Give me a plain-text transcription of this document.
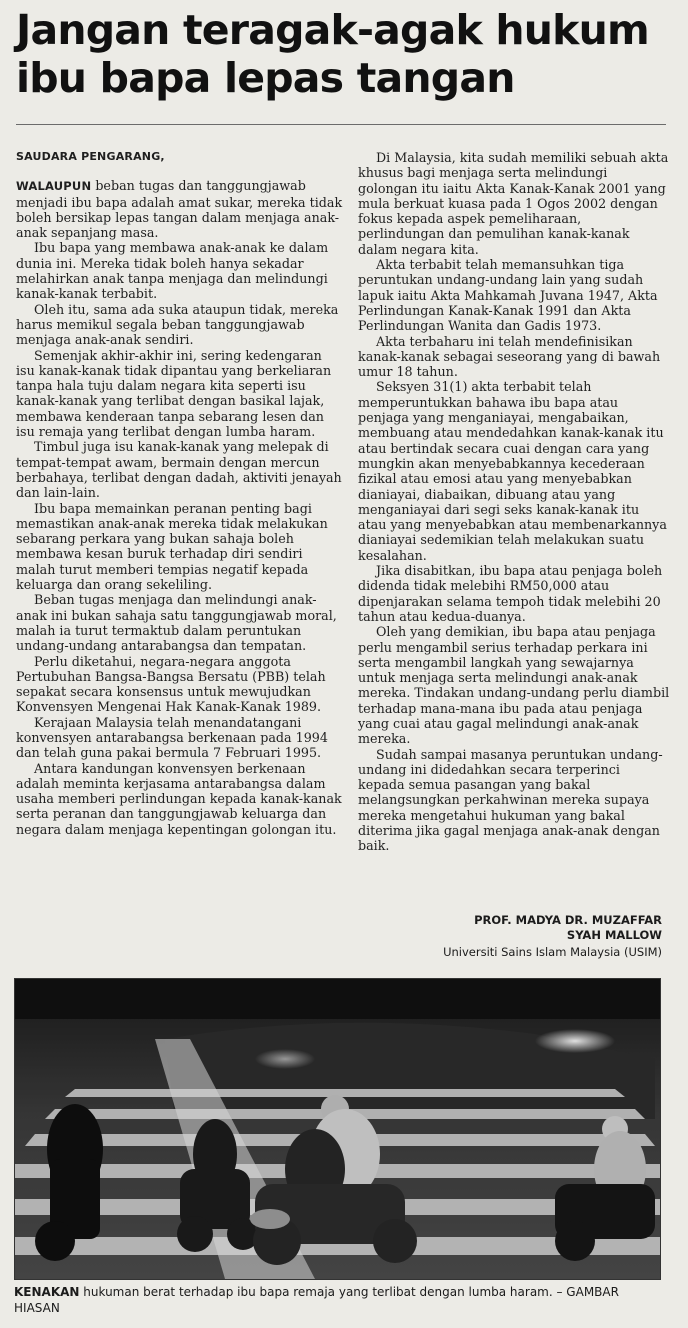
Jangan teragak-agak hukum
ibu bapa lepas tangan

SAUDARA PENGARANG,

WALAUPUN beban tugas dan tanggungjawab menjadi ibu bapa adalah amat sukar, mereka tidak boleh bersikap lepas tangan dalam menjaga anak-anak sepanjang masa.

Ibu bapa yang membawa anak-anak ke dalam dunia ini. Mereka tidak boleh hanya sekadar melahirkan anak tanpa menjaga dan melindungi kanak-kanak terbabit.

Oleh itu, sama ada suka ataupun tidak, mereka harus memikul segala beban tanggungjawab menjaga anak-anak sendiri.

Semenjak akhir-akhir ini, sering kedengaran isu kanak-kanak tidak dipantau yang berkeliaran tanpa hala tuju dalam negara kita seperti isu kanak-kanak yang terlibat dengan basikal lajak, membawa kenderaan tanpa sebarang lesen dan isu remaja yang terlibat dengan lumba haram.

Timbul juga isu kanak-kanak yang melepak di tempat-tempat awam, bermain dengan mercun berbahaya, terlibat dengan dadah, aktiviti jenayah dan lain-lain.

Ibu bapa memainkan peranan penting bagi memastikan anak-anak mereka tidak melakukan sebarang perkara yang bukan sahaja boleh membawa kesan buruk terhadap diri sendiri malah turut memberi tempias negatif kepada keluarga dan orang sekeliling.

Beban tugas menjaga dan melindungi anak-anak ini bukan sahaja satu tanggungjawab moral, malah ia turut termaktub dalam peruntukan undang-undang antarabangsa dan tempatan.

Perlu diketahui, negara-negara anggota Pertubuhan Bangsa-Bangsa Bersatu (PBB) telah sepakat secara konsensus untuk mewujudkan Konvensyen Mengenai Hak Kanak-Kanak 1989.

Kerajaan Malaysia telah menandatangani konvensyen antarabangsa berkenaan pada 1994 dan telah guna pakai bermula 7 Februari 1995.

Antara kandungan konvensyen berkenaan adalah meminta kerjasama antarabangsa dalam usaha memberi perlindungan kepada kanak-kanak serta peranan dan tanggungjawab keluarga dan negara dalam menjaga kepentingan golongan itu.

Di Malaysia, kita sudah memiliki sebuah akta khusus bagi menjaga serta melindungi golongan itu iaitu Akta Kanak-Kanak 2001 yang mula berkuat kuasa pada 1 Ogos 2002 dengan fokus kepada aspek pemeliharaan, perlindungan dan pemulihan kanak-kanak dalam negara kita.

Akta terbabit telah memansuhkan tiga peruntukan undang-undang lain yang sudah lapuk iaitu Akta Mahkamah Juvana 1947, Akta Perlindungan Kanak-Kanak 1991 dan Akta Perlindungan Wanita dan Gadis 1973.

Akta terbaharu ini telah mendefinisikan kanak-kanak sebagai seseorang yang di bawah umur 18 tahun.

Seksyen 31(1) akta terbabit telah memperuntukkan bahawa ibu bapa atau penjaga yang menganiayai, mengabaikan, membuang atau mendedahkan kanak-kanak itu atau bertindak secara cuai dengan cara yang mungkin akan menyebabkannya kecederaan fizikal atau emosi atau yang menyebabkan dianiayai, diabaikan, dibuang atau yang menganiayai dari segi seks kanak-kanak itu atau yang menyebabkan atau membenarkannya dianiayai sedemikian telah melakukan suatu kesalahan.

Jika disabitkan, ibu bapa atau penjaga boleh didenda tidak melebihi RM50,000 atau dipenjarakan selama tempoh tidak melebihi 20 tahun atau kedua-duanya.

Oleh yang demikian, ibu bapa atau penjaga perlu mengambil serius terhadap perkara ini serta mengambil langkah yang sewajarnya untuk menjaga serta melindungi anak-anak mereka. Tindakan undang-undang perlu diambil terhadap mana-mana ibu pada atau penjaga yang cuai atau gagal melindungi anak-anak mereka.

Sudah sampai masanya peruntukan undang-undang ini didedahkan secara terperinci kepada semua pasangan yang bakal melangsungkan perkahwinan mereka supaya mereka mengetahui hukuman yang bakal diterima jika gagal menjaga anak-anak dengan baik.

PROF. MADYA DR. MUZAFFAR
SYAH MALLOW
Universiti Sains Islam Malaysia (USIM)
KENAKAN hukuman berat terhadap ibu bapa remaja yang terlibat dengan lumba haram. – GAMBAR HIASAN
